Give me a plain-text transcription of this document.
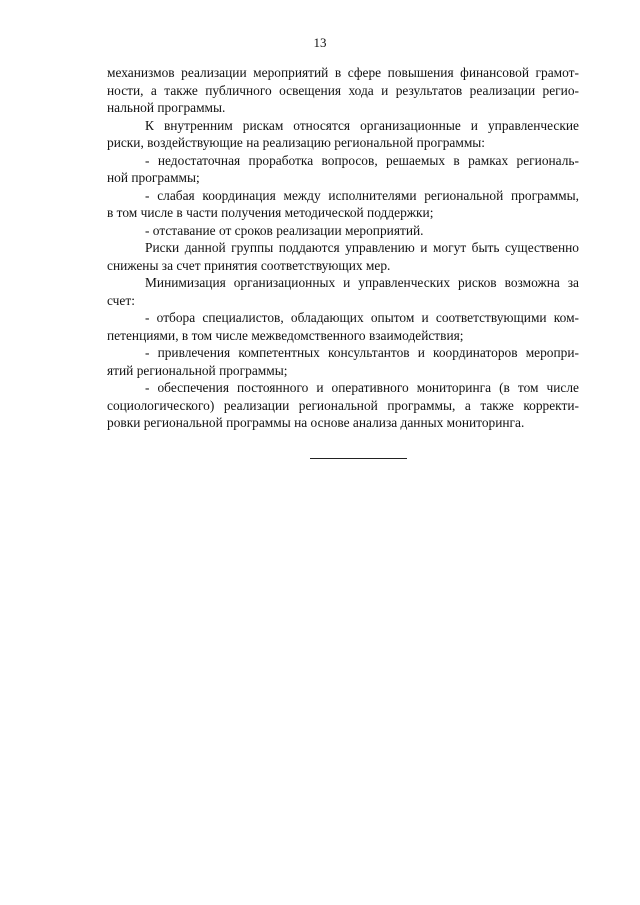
13
механизмов реализации мероприятий в сфере повышения финансовой грамот-
ности, а также публичного освещения хода и результатов реализации регио-
нальной программы.
К внутренним рискам относятся организационные и управленческие
риски, воздействующие на реализацию региональной программы:
- недостаточная проработка вопросов, решаемых в рамках региональ-
ной программы;
- слабая координация между исполнителями региональной программы,
в том числе в части получения методической поддержки;
- отставание от сроков реализации мероприятий.
Риски данной группы поддаются управлению и могут быть существенно
снижены за счет принятия соответствующих мер.
Минимизация организационных и управленческих рисков возможна за
счет:
- отбора специалистов, обладающих опытом и соответствующими ком-
петенциями, в том числе межведомственного взаимодействия;
- привлечения компетентных консультантов и координаторов меропри-
ятий региональной программы;
- обеспечения постоянного и оперативного мониторинга (в том числе
социологического) реализации региональной программы, а также корректи-
ровки региональной программы на основе анализа данных мониторинга.
